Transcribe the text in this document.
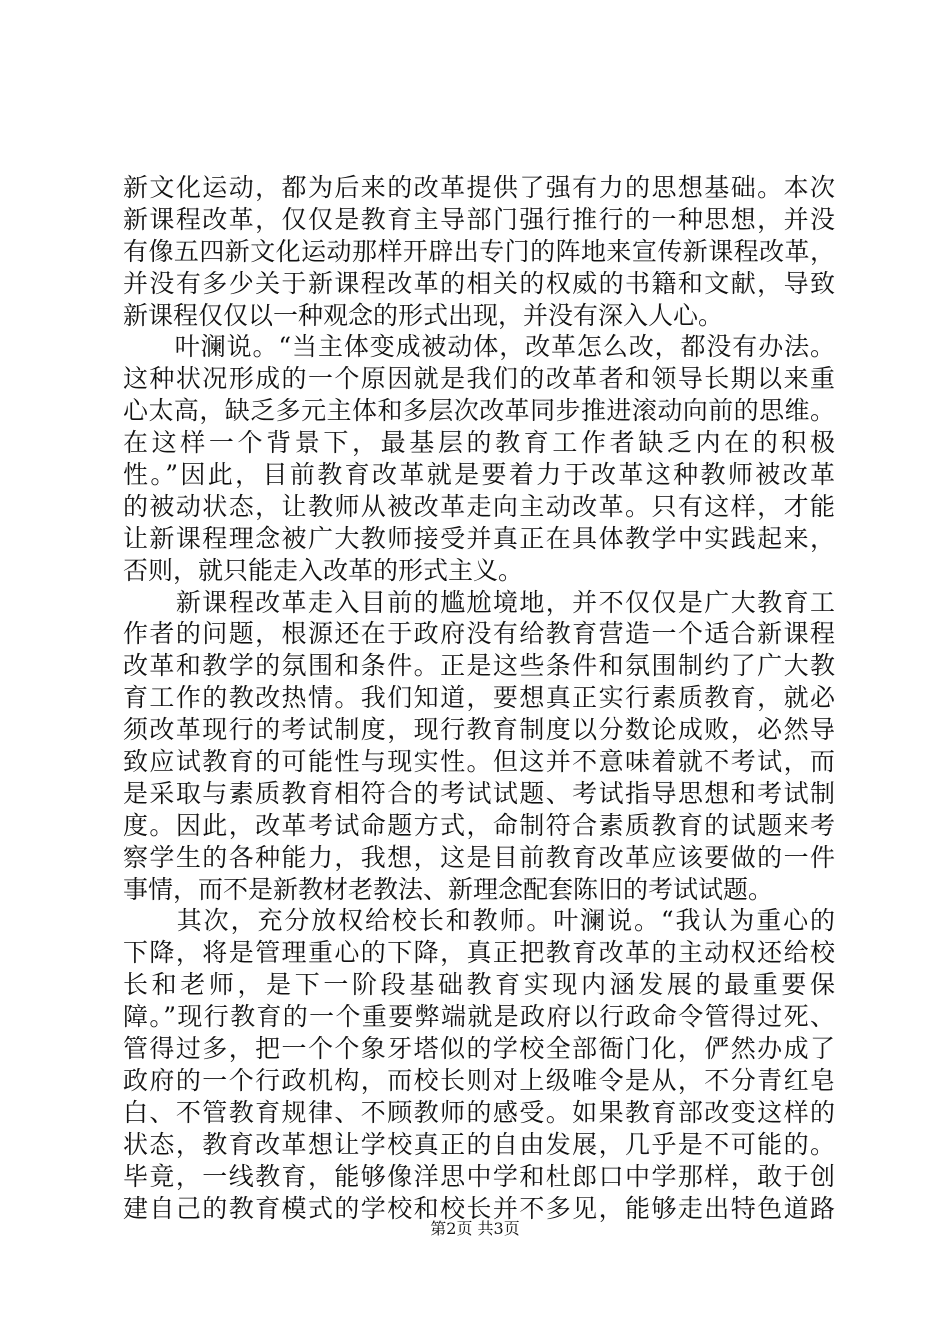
新文化运动，都为后来的改革提供了强有力的思想基础。本次
新课程改革，仅仅是教育主导部门强行推行的一种思想，并没
有像五四新文化运动那样开辟出专门的阵地来宣传新课程改革，
并没有多少关于新课程改革的相关的权威的书籍和文献，导致
新课程仅仅以一种观念的形式出现，并没有深入人心。

　　叶澜说。“当主体变成被动体，改革怎么改，都没有办法。
这种状况形成的一个原因就是我们的改革者和领导长期以来重
心太高，缺乏多元主体和多层次改革同步推进滚动向前的思维。
在这样一个背景下，最基层的教育工作者缺乏内在的积极
性。”因此，目前教育改革就是要着力于改革这种教师被改革
的被动状态，让教师从被改革走向主动改革。只有这样，才能
让新课程理念被广大教师接受并真正在具体教学中实践起来，
否则，就只能走入改革的形式主义。

　　新课程改革走入目前的尴尬境地，并不仅仅是广大教育工
作者的问题，根源还在于政府没有给教育营造一个适合新课程
改革和教学的氛围和条件。正是这些条件和氛围制约了广大教
育工作的教改热情。我们知道，要想真正实行素质教育，就必
须改革现行的考试制度，现行教育制度以分数论成败，必然导
致应试教育的可能性与现实性。但这并不意味着就不考试，而
是采取与素质教育相符合的考试试题、考试指导思想和考试制
度。因此，改革考试命题方式，命制符合素质教育的试题来考
察学生的各种能力，我想，这是目前教育改革应该要做的一件
事情，而不是新教材老教法、新理念配套陈旧的考试试题。

　　其次，充分放权给校长和教师。叶澜说。“我认为重心的
下降，将是管理重心的下降，真正把教育改革的主动权还给校
长和老师，是下一阶段基础教育实现内涵发展的最重要保
障。”现行教育的一个重要弊端就是政府以行政命令管得过死、
管得过多，把一个个象牙塔似的学校全部衙门化，俨然办成了
政府的一个行政机构，而校长则对上级唯令是从，不分青红皂
白、不管教育规律、不顾教师的感受。如果教育部改变这样的
状态，教育改革想让学校真正的自由发展，几乎是不可能的。
毕竟，一线教育，能够像洋思中学和杜郎口中学那样，敢于创
建自己的教育模式的学校和校长并不多见，能够走出特色道路

第2页 共3页
